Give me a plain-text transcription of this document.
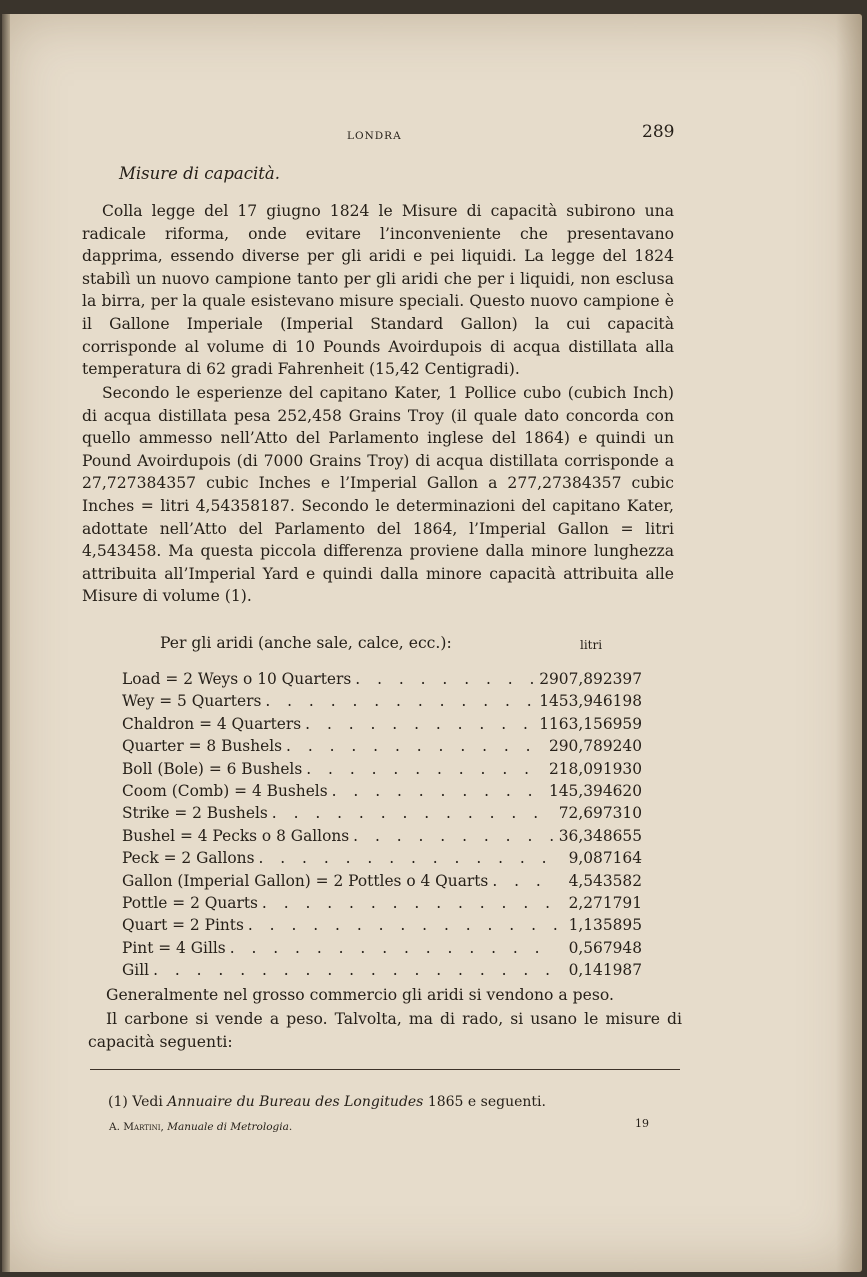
LONDRA	289
Misure di capacità.

Colla legge del 17 giugno 1824 le Misure di capacità subirono una radicale riforma, onde evitare l’inconveniente che presentavano dapprima, essendo diverse per gli aridi e pei liquidi. La legge del 1824 stabilì un nuovo campione tanto per gli aridi che per i liquidi, non esclusa la birra, per la quale esistevano misure speciali. Questo nuovo campione è il Gallone Imperiale (Imperial Standard Gallon) la cui capacità corrisponde al volume di 10 Pounds Avoirdupois di acqua distillata alla temperatura di 62 gradi Fahrenheit (15,42 Centigradi).

Secondo le esperienze del capitano Kater, 1 Pollice cubo (cubich Inch) di acqua distillata pesa 252,458 Grains Troy (il quale dato concorda con quello ammesso nell’Atto del Parlamento inglese del 1864) e quindi un Pound Avoirdupois (di 7000 Grains Troy) di acqua distillata corrisponde a 27,727384357 cubic Inches e l’Imperial Gallon a 277,27384357 cubic Inches = litri 4,54358187. Secondo le determinazioni del capitano Kater, adottate nell’Atto del Parlamento del 1864, l’Imperial Gallon = litri 4,543458. Ma questa piccola differenza proviene dalla minore lunghezza attribuita all’Imperial Yard e quindi dalla minore capacità attribuita alle Misure di volume (1).

Per gli aridi (anche sale, calce, ecc.):	litri
Load = 2 Weys o 10 Quarters . . .	2907,892397
Wey = 5 Quarters . . .	1453,946198
Chaldron = 4 Quarters . . .	1163,156959
Quarter = 8 Bushels . . .	290,789240
Boll (Bole) = 6 Bushels . . .	218,091930
Coom (Comb) = 4 Bushels . . .	145,394620
Strike = 2 Bushels . . .	72,697310
Bushel = 4 Pecks o 8 Gallons . . .	36,348655
Peck = 2 Gallons . . .	9,087164
Gallon (Imperial Gallon) = 2 Pottles o 4 Quarts . . .	4,543582
Pottle = 2 Quarts . . .	2,271791
Quart = 2 Pints . . .	1,135895
Pint = 4 Gills . . .	0,567948
Gill . . .	0,141987

Generalmente nel grosso commercio gli aridi si vendono a peso.

Il carbone si vende a peso. Talvolta, ma di rado, si usano le misure di capacità seguenti:

(1) Vedi Annuaire du Bureau des Longitudes 1865 e seguenti.
A. Martini, Manuale di Metrologia.	19
